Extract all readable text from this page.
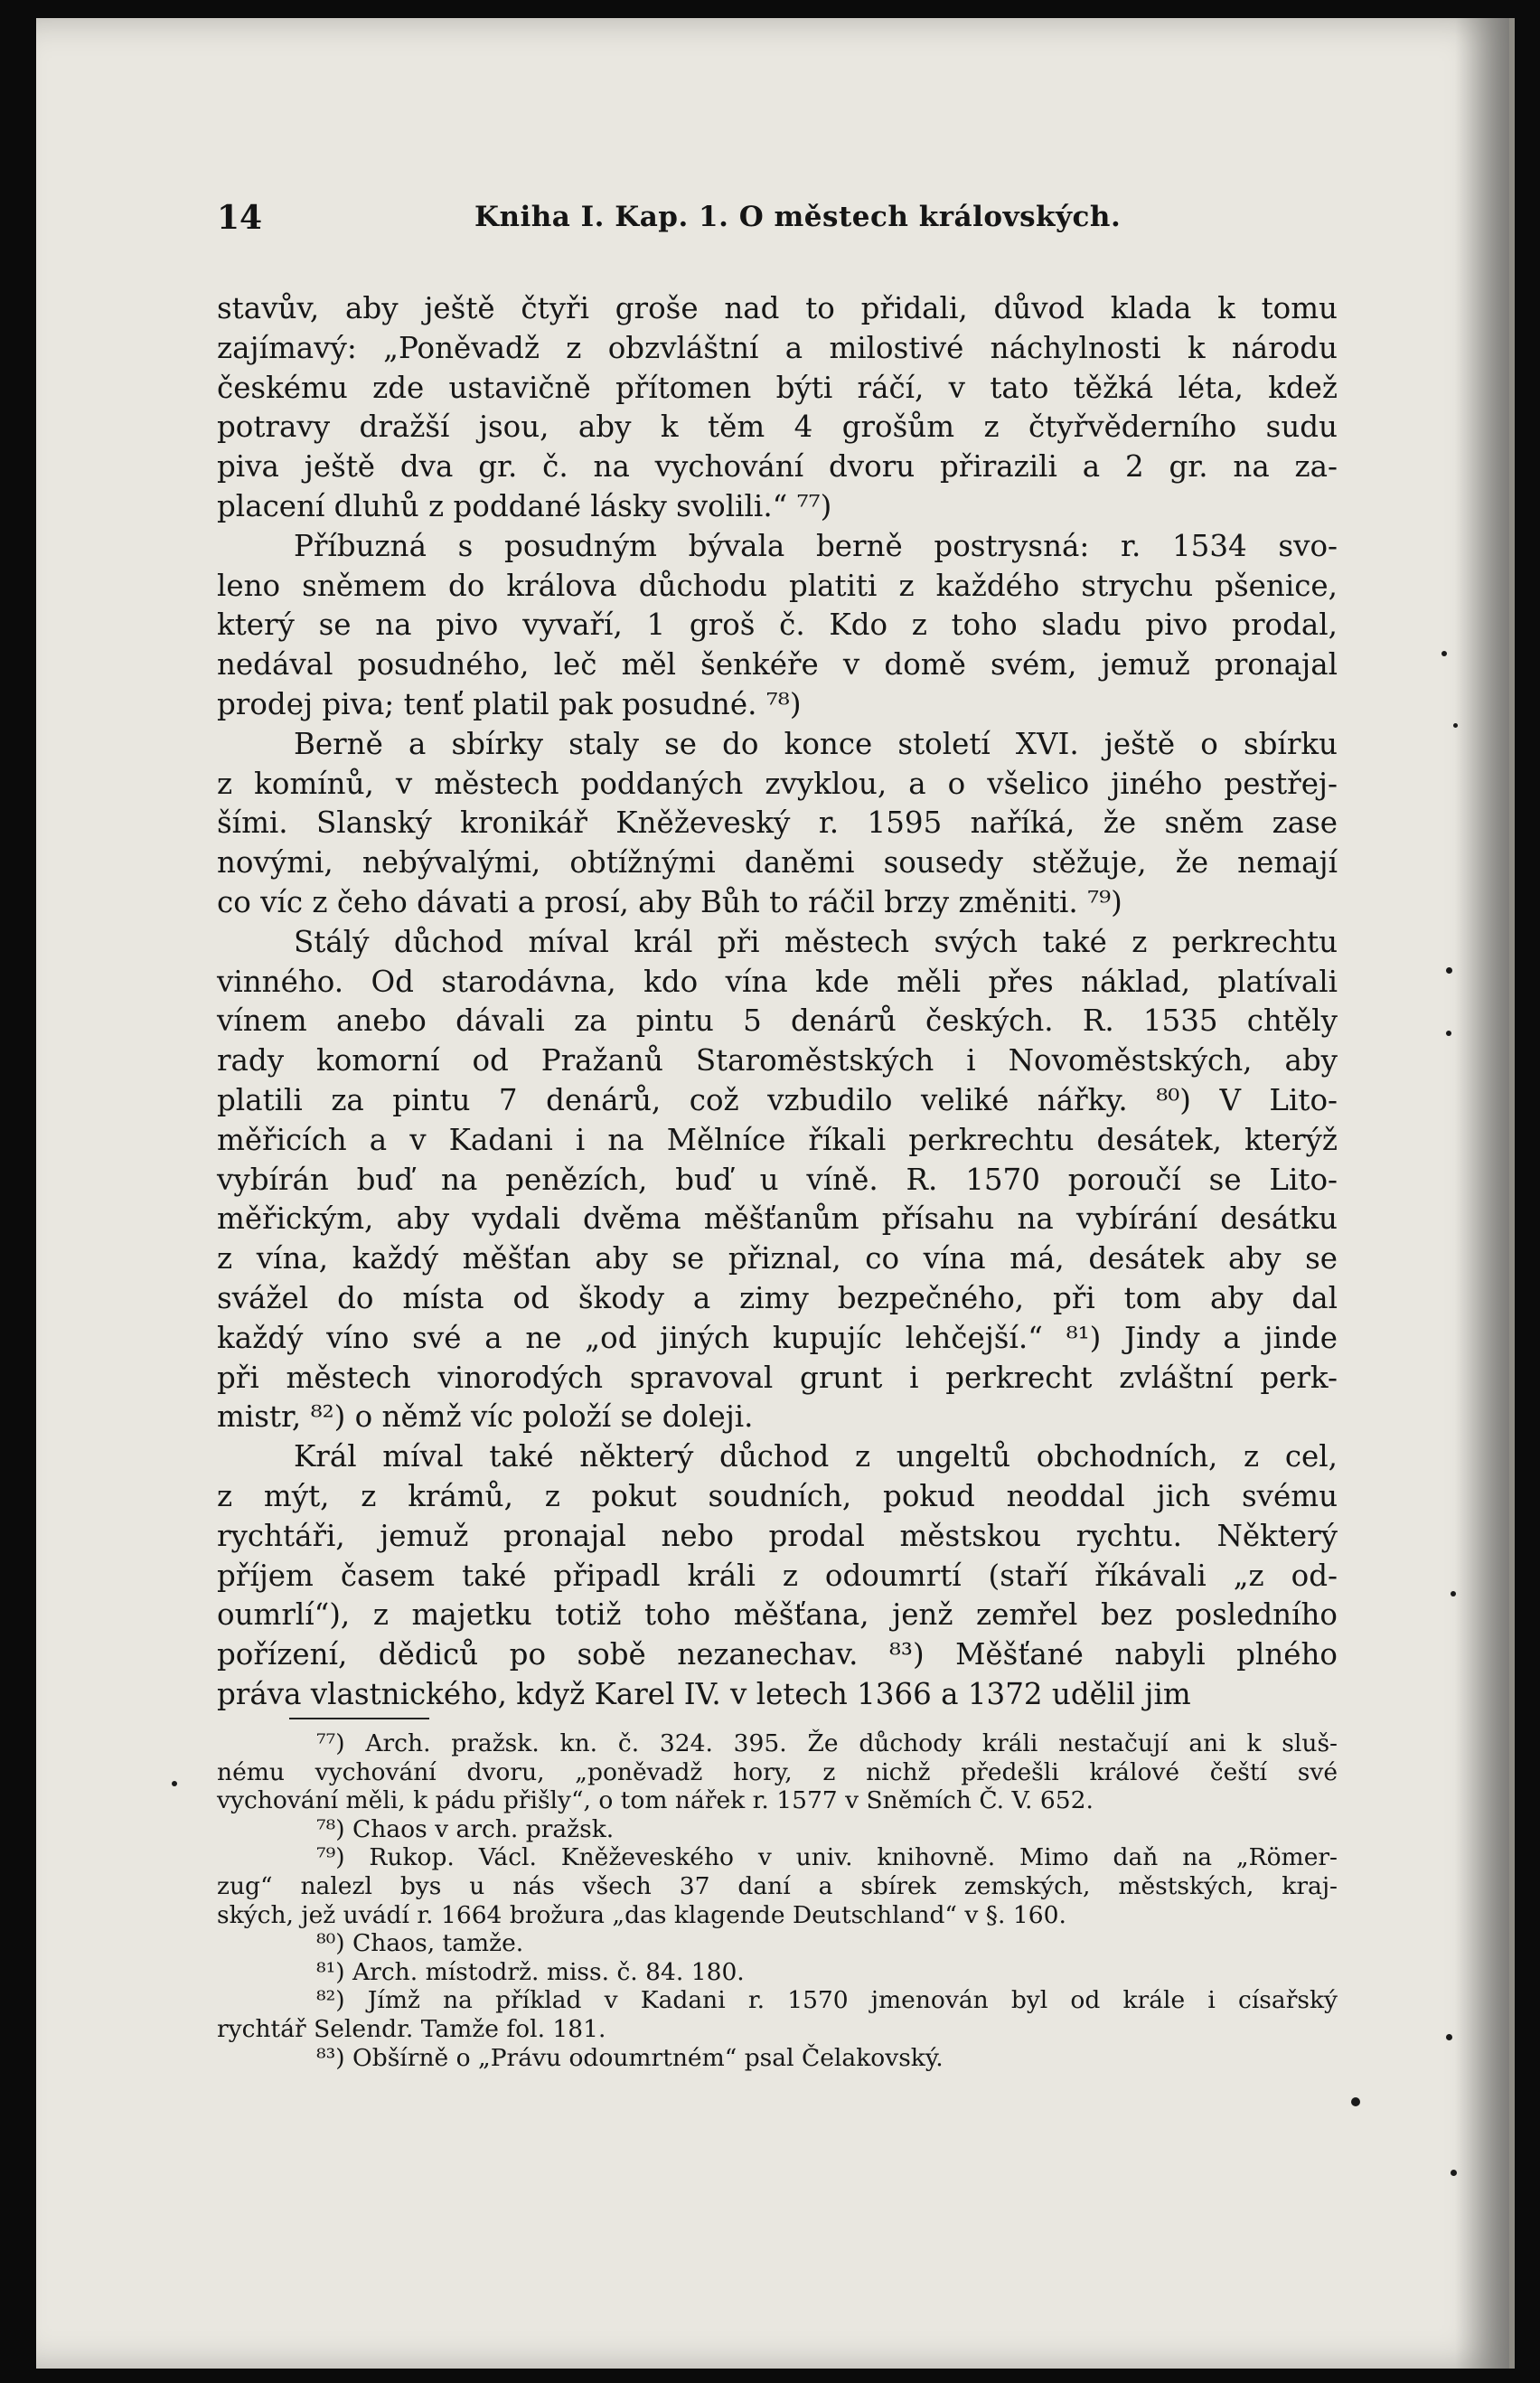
14	Kniha I. Kap. 1. O městech královských.

stavův, aby ještě čtyři groše nad to přidali, důvod klada k tomu
zajímavý: „Poněvadž z obzvláštní a milostivé náchylnosti k národu
českému zde ustavičně přítomen býti ráčí, v tato těžká léta, kdež
potravy dražší jsou, aby k těm 4 grošům z čtyřvěderního sudu
piva ještě dva gr. č. na vychování dvoru přirazili a 2 gr. na za-
placení dluhů z poddané lásky svolili.“ ⁷⁷)

Příbuzná s posudným bývala berně postrysná: r. 1534 svo-
leno sněmem do králova důchodu platiti z každého strychu pšenice,
který se na pivo vyvaří, 1 groš č. Kdo z toho sladu pivo prodal,
nedával posudného, leč měl šenkéře v domě svém, jemuž pronajal
prodej piva; tenť platil pak posudné. ⁷⁸)

Berně a sbírky staly se do konce století XVI. ještě o sbírku
z komínů, v městech poddaných zvyklou, a o všelico jiného pestřej-
šími. Slanský kronikář Kněževeský r. 1595 naříká, že sněm zase
novými, nebývalými, obtížnými daněmi sousedy stěžuje, že nemají
co víc z čeho dávati a prosí, aby Bůh to ráčil brzy změniti. ⁷⁹)

Stálý důchod míval král při městech svých také z perkrechtu
vinného. Od starodávna, kdo vína kde měli přes náklad, platívali
vínem anebo dávali za pintu 5 denárů českých. R. 1535 chtěly
rady komorní od Pražanů Staroměstských i Novoměstských, aby
platili za pintu 7 denárů, což vzbudilo veliké nářky. ⁸⁰) V Lito-
měřicích a v Kadani i na Mělníce říkali perkrechtu desátek, kterýž
vybírán buď na penězích, buď u víně. R. 1570 poroučí se Lito-
měřickým, aby vydali dvěma měšťanům přísahu na vybírání desátku
z vína, každý měšťan aby se přiznal, co vína má, desátek aby se
svážel do místa od škody a zimy bezpečného, při tom aby dal
každý víno své a ne „od jiných kupujíc lehčejší.“ ⁸¹) Jindy a jinde
při městech vinorodých spravoval grunt i perkrecht zvláštní perk-
mistr, ⁸²) o němž víc položí se doleji.

Král míval také některý důchod z ungeltů obchodních, z cel,
z mýt, z krámů, z pokut soudních, pokud neoddal jich svému
rychtáři, jemuž pronajal nebo prodal městskou rychtu. Některý
příjem časem také připadl králi z odoumrtí (staří říkávali „z od-
oumrlí“), z majetku totiž toho měšťana, jenž zemřel bez posledního
pořízení, dědiců po sobě nezanechav. ⁸³) Měšťané nabyli plného
práva vlastnického, když Karel IV. v letech 1366 a 1372 udělil jim

⁷⁷) Arch. pražsk. kn. č. 324. 395. Že důchody králi nestačují ani k sluš-
nému vychování dvoru, „poněvadž hory, z nichž předešli králové čeští své
vychování měli, k pádu přišly“, o tom nářek r. 1577 v Sněmích Č. V. 652.

⁷⁸) Chaos v arch. pražsk.

⁷⁹) Rukop. Václ. Kněževeského v univ. knihovně. Mimo daň na „Römer-
zug“ nalezl bys u nás všech 37 daní a sbírek zemských, městských, kraj-
ských, jež uvádí r. 1664 brožura „das klagende Deutschland“ v §. 160.

⁸⁰) Chaos, tamže.

⁸¹) Arch. místodrž. miss. č. 84. 180.

⁸²) Jímž na příklad v Kadani r. 1570 jmenován byl od krále i císařský
rychtář Selendr. Tamže fol. 181.

⁸³) Obšírně o „Právu odoumrtném“ psal Čelakovský.
